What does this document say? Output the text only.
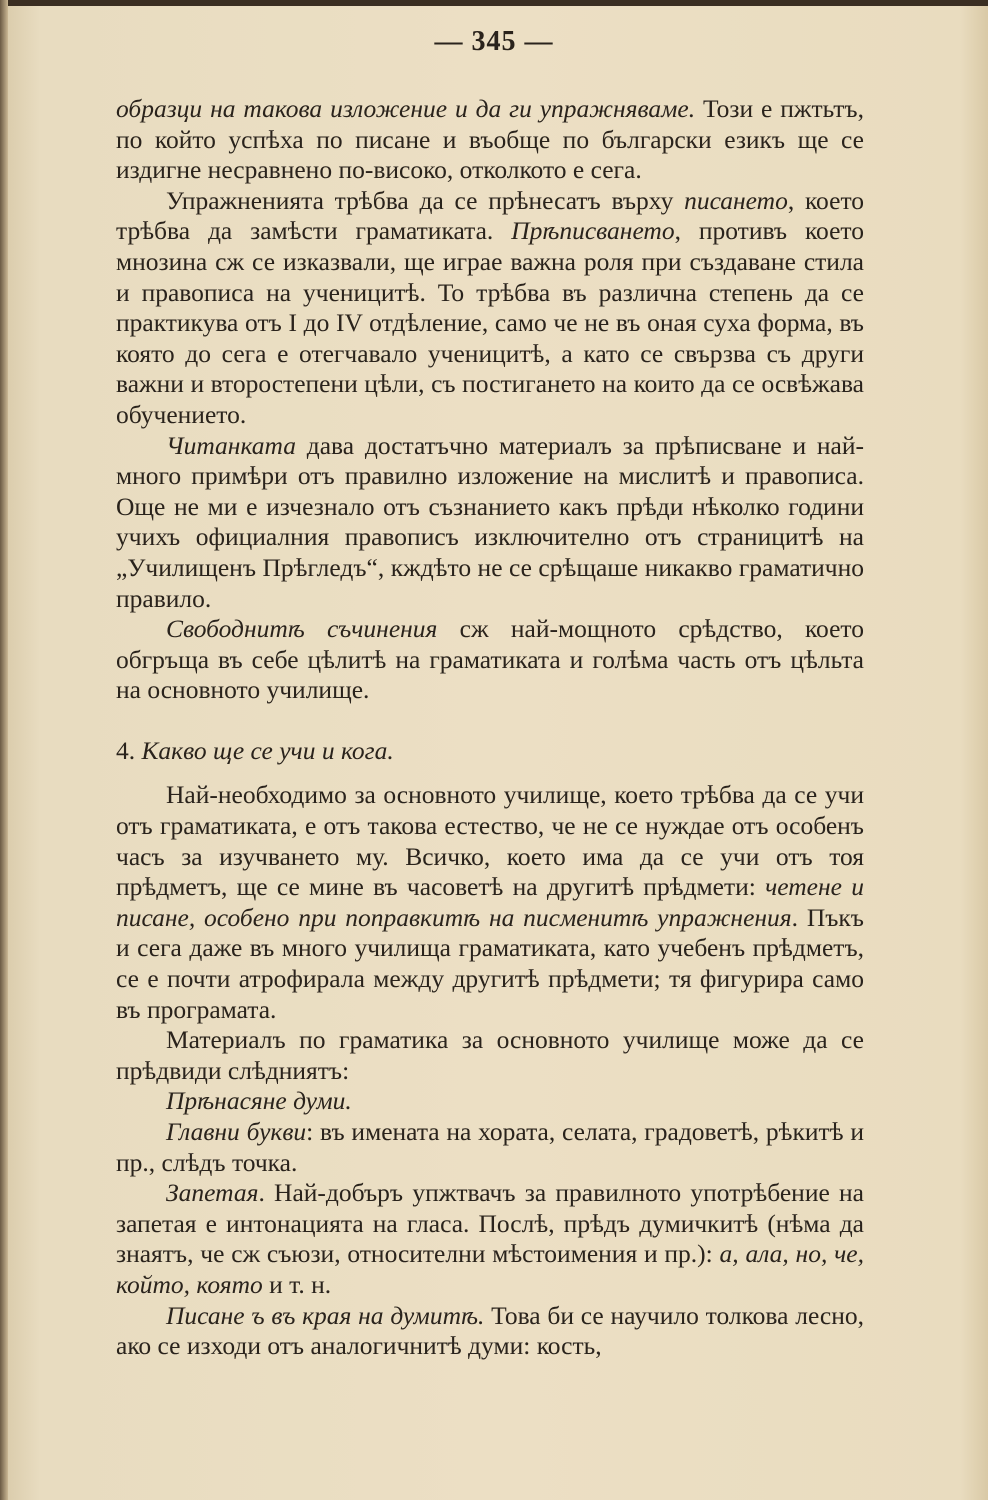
— 345 —

образци на такова изложение и да ги упражняваме. Този е пжтьтъ, по който успѣха по писане и въобще по български езикъ ще се издигне несравнено по-високо, отколкото е сега.

Упражненията трѣбва да се прѣнесатъ върху писането, което трѣбва да замѣсти граматиката. Прѣписването, противъ което мнозина сж се изказвали, ще играе важна роля при създаване стила и правописа на ученицитѣ. То трѣбва въ различна степень да се практикува отъ I до IV отдѣление, само че не въ оная суха форма, въ която до сега е отегчавало ученицитѣ, а като се свързва съ други важни и второстепени цѣли, съ постигането на които да се освѣжава обучението.

Читанката дава достатъчно материалъ за прѣписване и най-много примѣри отъ правилно изложение на мислитѣ и правописа. Още не ми е изчезнало отъ съзнанието какъ прѣди нѣколко години учихъ официалния правописъ изключително отъ страницитѣ на „Училищенъ Прѣгледъ“, кждѣто не се срѣщаше никакво граматично правило.

Свободнитѣ съчинения сж най-мощното срѣдство, което обгръща въ себе цѣлитѣ на граматиката и голѣма часть отъ цѣльта на основното училище.

4. Какво ще се учи и кога.

Най-необходимо за основното училище, което трѣбва да се учи отъ граматиката, е отъ такова естество, че не се нуждае отъ особенъ часъ за изучването му. Всичко, което има да се учи отъ тоя прѣдметъ, ще се мине въ часоветѣ на другитѣ прѣдмети: четене и писане, особено при поправкитѣ на писменитѣ упражнения. Пъкъ и сега даже въ много училища граматиката, като учебенъ прѣдметъ, се е почти атрофирала между другитѣ прѣдмети; тя фигурира само въ програмата.

Материалъ по граматика за основното училище може да се прѣдвиди слѣдниятъ:

Прѣнасяне думи.

Главни букви: въ имената на хората, селата, градоветѣ, рѣкитѣ и пр., слѣдъ точка.

Запетая. Най-добъръ упжтвачъ за правилното употрѣбение на запетая е интонацията на гласа. Послѣ, прѣдъ думичкитѣ (нѣма да знаятъ, че сж съюзи, относителни мѣстоимения и пр.): а, ала, но, че, който, която и т. н.

Писане ъ въ края на думитѣ. Това би се научило толкова лесно, ако се изходи отъ аналогичнитѣ думи: кость,
